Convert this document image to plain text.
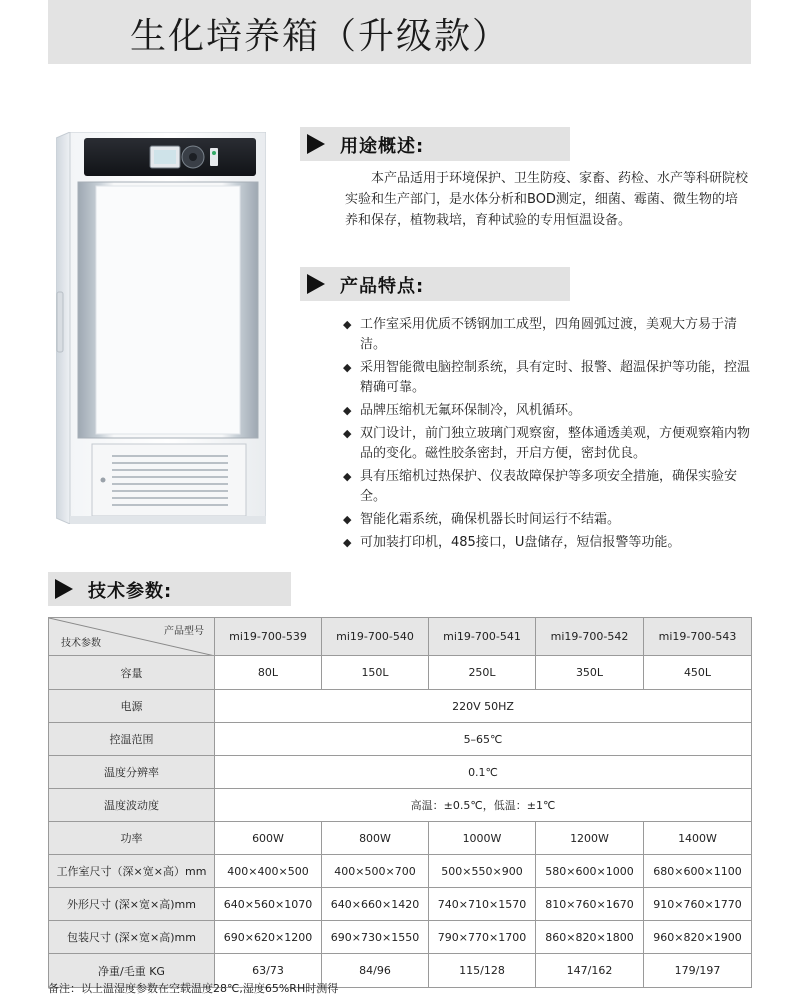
生化培养箱（升级款）
用途概述:

本产品适用于环境保护、卫生防疫、家畜、药检、水产等科研院校实验和生产部门，是水体分析和BOD测定，细菌、霉菌、微生物的培养和保存，植物栽培，育种试验的专用恒温设备。

产品特点:
◆ 工作室采用优质不锈钢加工成型，四角圆弧过渡，美观大方易于清洁。
◆ 采用智能微电脑控制系统，具有定时、报警、超温保护等功能，控温精确可靠。
◆ 品牌压缩机无氟环保制冷，风机循环。
◆ 双门设计，前门独立玻璃门观察窗，整体通透美观，方便观察箱内物品的变化。磁性胶条密封，开启方便，密封优良。
◆ 具有压缩机过热保护、仪表故障保护等多项安全措施，确保实验安全。
◆ 智能化霜系统，确保机器长时间运行不结霜。
◆ 可加装打印机，485接口，U盘储存，短信报警等功能。
技术参数:
产品型号
技术参数	mi19-700-539	mi19-700-540	mi19-700-541	mi19-700-542	mi19-700-543
容量	80L	150L	250L	350L	450L
电源	220V 50HZ				
控温范围	5–65℃				
温度分辨率	0.1℃				
温度波动度	高温：±0.5℃，低温：±1℃				
功率	600W	800W	1000W	1200W	1400W
工作室尺寸（深×宽×高）mm	400×400×500	400×500×700	500×550×900	580×600×1000	680×600×1100
外形尺寸 (深×宽×高)mm	640×560×1070	640×660×1420	740×710×1570	810×760×1670	910×760×1770
包装尺寸 (深×宽×高)mm	690×620×1200	690×730×1550	790×770×1700	860×820×1800	960×820×1900
净重/毛重 KG	63/73	84/96	115/128	147/162	179/197
备注：以上温湿度参数在空载温度28℃,湿度65%RH时测得
